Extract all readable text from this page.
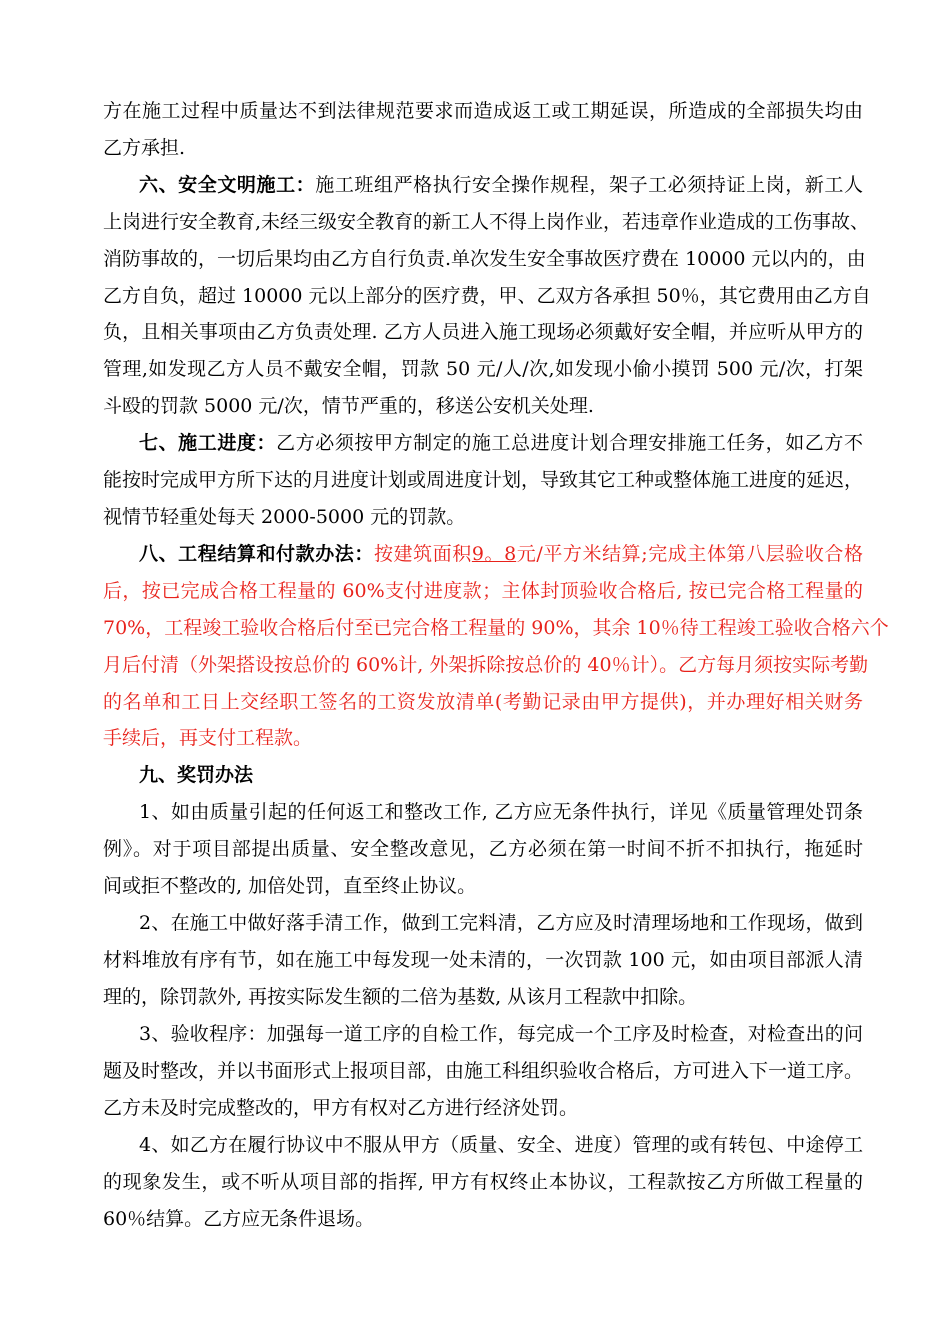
方在施工过程中质量达不到法律规范要求而造成返工或工期延误，所造成的全部损失均由
乙方承担.
六、安全文明施工：施工班组严格执行安全操作规程，架子工必须持证上岗，新工人
上岗进行安全教育,未经三级安全教育的新工人不得上岗作业，若违章作业造成的工伤事故、
消防事故的，一切后果均由乙方自行负责.单次发生安全事故医疗费在 10000 元以内的，由
乙方自负，超过 10000 元以上部分的医疗费，甲、乙双方各承担 50％，其它费用由乙方自
负，且相关事项由乙方负责处理. 乙方人员进入施工现场必须戴好安全帽，并应听从甲方的
管理,如发现乙方人员不戴安全帽，罚款 50 元/人/次,如发现小偷小摸罚 500 元/次，打架
斗殴的罚款 5000 元/次，情节严重的，移送公安机关处理.
七、施工进度：乙方必须按甲方制定的施工总进度计划合理安排施工任务，如乙方不
能按时完成甲方所下达的月进度计划或周进度计划，导致其它工种或整体施工进度的延迟，
视情节轻重处每天 2000-5000 元的罚款。
八、工程结算和付款办法：按建筑面积9。8元/平方米结算;完成主体第八层验收合格
后，按已完成合格工程量的 60%支付进度款；主体封顶验收合格后, 按已完合格工程量的
70%，工程竣工验收合格后付至已完合格工程量的 90%，其余 10％待工程竣工验收合格六个
月后付清（外架搭设按总价的 60%计, 外架拆除按总价的 40％计）。乙方每月须按实际考勤
的名单和工日上交经职工签名的工资发放清单(考勤记录由甲方提供)，并办理好相关财务
手续后，再支付工程款。
九、奖罚办法
1、如由质量引起的任何返工和整改工作, 乙方应无条件执行，详见《质量管理处罚条
例》。对于项目部提出质量、安全整改意见，乙方必须在第一时间不折不扣执行，拖延时
间或拒不整改的, 加倍处罚，直至终止协议。
2、在施工中做好落手清工作，做到工完料清，乙方应及时清理场地和工作现场，做到
材料堆放有序有节，如在施工中每发现一处未清的，一次罚款 100 元，如由项目部派人清
理的，除罚款外, 再按实际发生额的二倍为基数, 从该月工程款中扣除。
3、验收程序：加强每一道工序的自检工作，每完成一个工序及时检查，对检查出的问
题及时整改，并以书面形式上报项目部，由施工科组织验收合格后，方可进入下一道工序。
乙方未及时完成整改的，甲方有权对乙方进行经济处罚。
4、如乙方在履行协议中不服从甲方（质量、安全、进度）管理的或有转包、中途停工
的现象发生，或不听从项目部的指挥, 甲方有权终止本协议，工程款按乙方所做工程量的
60％结算。乙方应无条件退场。
